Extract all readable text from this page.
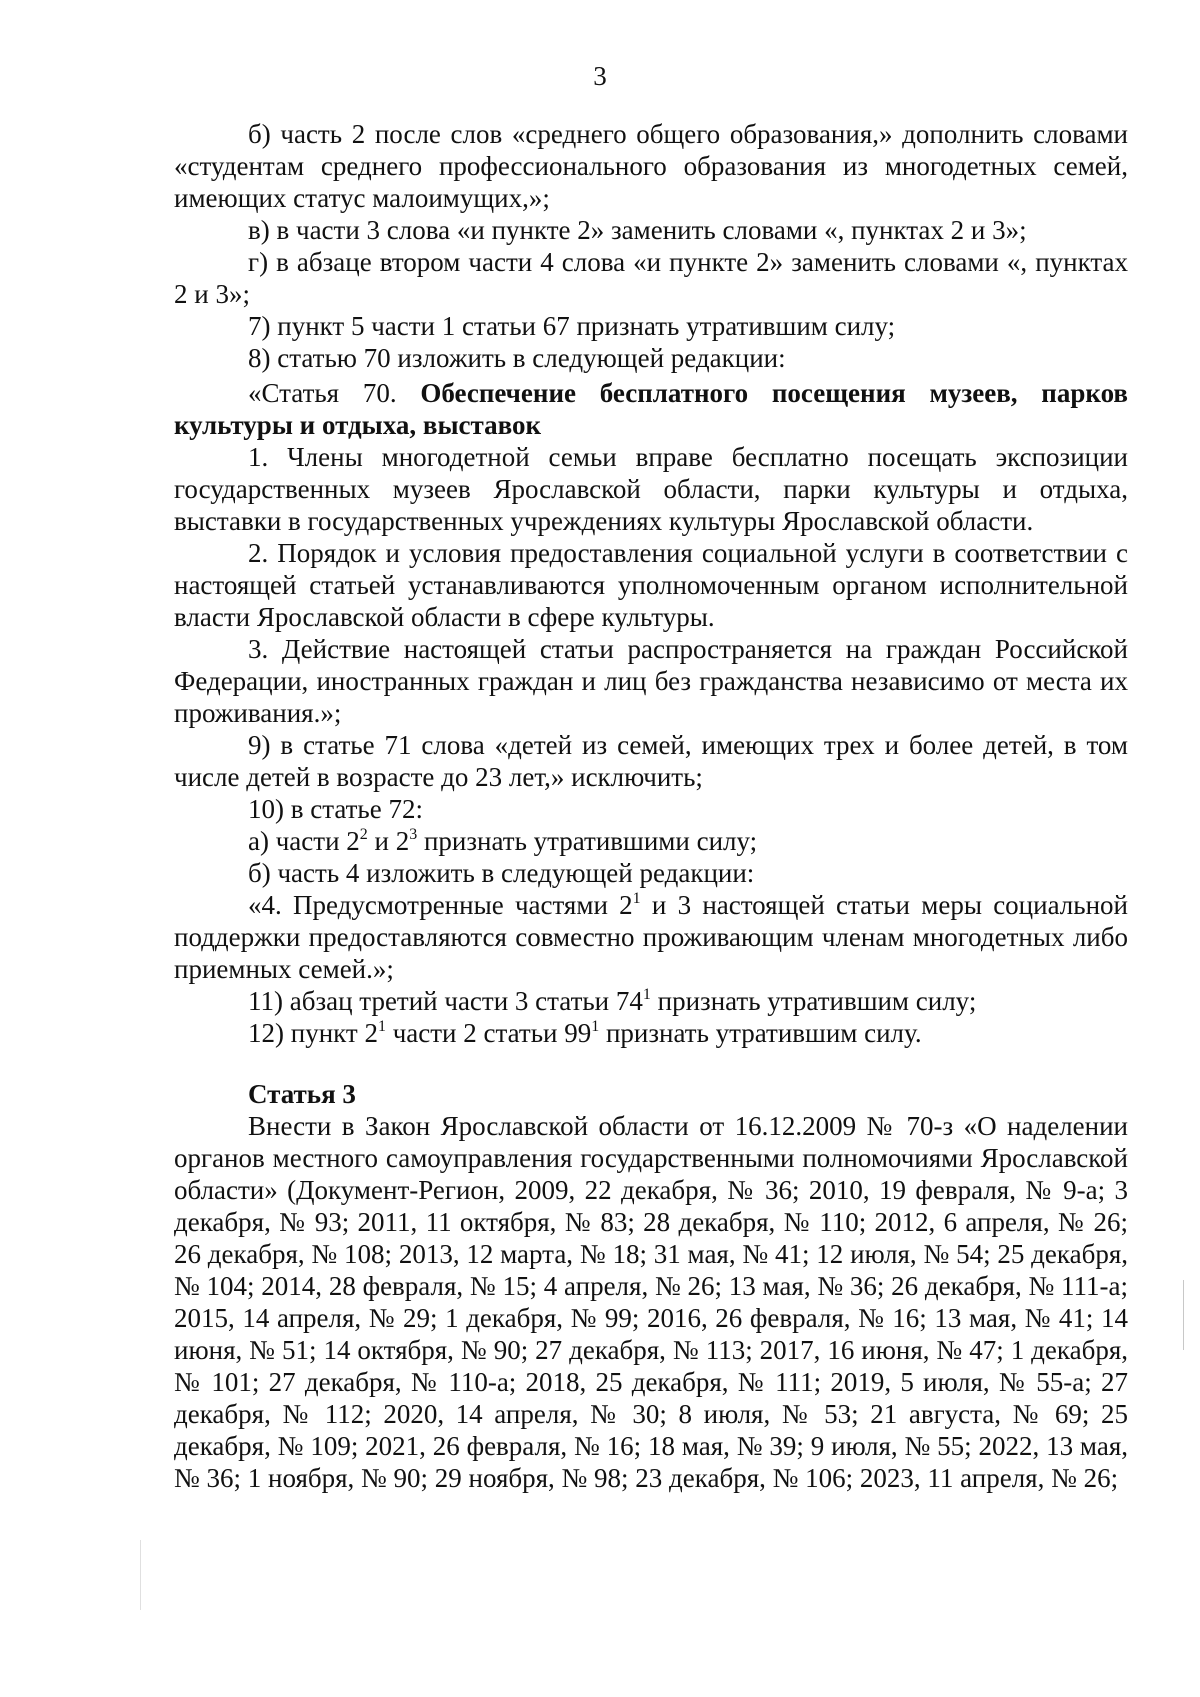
3

б) часть 2 после слов «среднего общего образования,» дополнить словами «студентам среднего профессионального образования из многодетных семей, имеющих статус малоимущих,»;

в) в части 3 слова «и пункте 2» заменить словами «, пунктах 2 и 3»;

г) в абзаце втором части 4 слова «и пункте 2» заменить словами «, пунктах 2 и 3»;

7) пункт 5 части 1 статьи 67 признать утратившим силу;

8) статью 70 изложить в следующей редакции:

«Статья 70. Обеспечение бесплатного посещения музеев, парков культуры и отдыха, выставок

1. Члены многодетной семьи вправе бесплатно посещать экспозиции государственных музеев Ярославской области, парки культуры и отдыха, выставки в государственных учреждениях культуры Ярославской области.

2. Порядок и условия предоставления социальной услуги в соответствии с настоящей статьей устанавливаются уполномоченным органом исполнительной власти Ярославской области в сфере культуры.

3. Действие настоящей статьи распространяется на граждан Российской Федерации, иностранных граждан и лиц без гражданства независимо от места их проживания.»;

9) в статье 71 слова «детей из семей, имеющих трех и более детей, в том числе детей в возрасте до 23 лет,» исключить;

10) в статье 72:

а) части $2^2$ и $2^3$ признать утратившими силу;

б) часть 4 изложить в следующей редакции:

«4. Предусмотренные частями $2^1$ и 3 настоящей статьи меры социальной поддержки предоставляются совместно проживающим членам многодетных либо приемных семей.»;

11) абзац третий части 3 статьи $74^1$ признать утратившим силу;

12) пункт $2^1$ части 2 статьи $99^1$ признать утратившим силу.

Статья 3

Внести в Закон Ярославской области от 16.12.2009 № 70-з «О наделении органов местного самоуправления государственными полномочиями Ярославской области» (Документ-Регион, 2009, 22 декабря, № 36; 2010, 19 февраля, № 9-а; 3 декабря, № 93; 2011, 11 октября, № 83; 28 декабря, № 110; 2012, 6 апреля, № 26; 26 декабря, № 108; 2013, 12 марта, № 18; 31 мая, № 41; 12 июля, № 54; 25 декабря, № 104; 2014, 28 февраля, № 15; 4 апреля, № 26; 13 мая, № 36; 26 декабря, № 111-а; 2015, 14 апреля, № 29; 1 декабря, № 99; 2016, 26 февраля, № 16; 13 мая, № 41; 14 июня, № 51; 14 октября, № 90; 27 декабря, № 113; 2017, 16 июня, № 47; 1 декабря, № 101; 27 декабря, № 110-а; 2018, 25 декабря, № 111; 2019, 5 июля, № 55-а; 27 декабря, № 112; 2020, 14 апреля, № 30; 8 июля, № 53; 21 августа, № 69; 25 декабря, № 109; 2021, 26 февраля, № 16; 18 мая, № 39; 9 июля, № 55; 2022, 13 мая, № 36; 1 ноября, № 90; 29 ноября, № 98; 23 декабря, № 106; 2023, 11 апреля, № 26;
